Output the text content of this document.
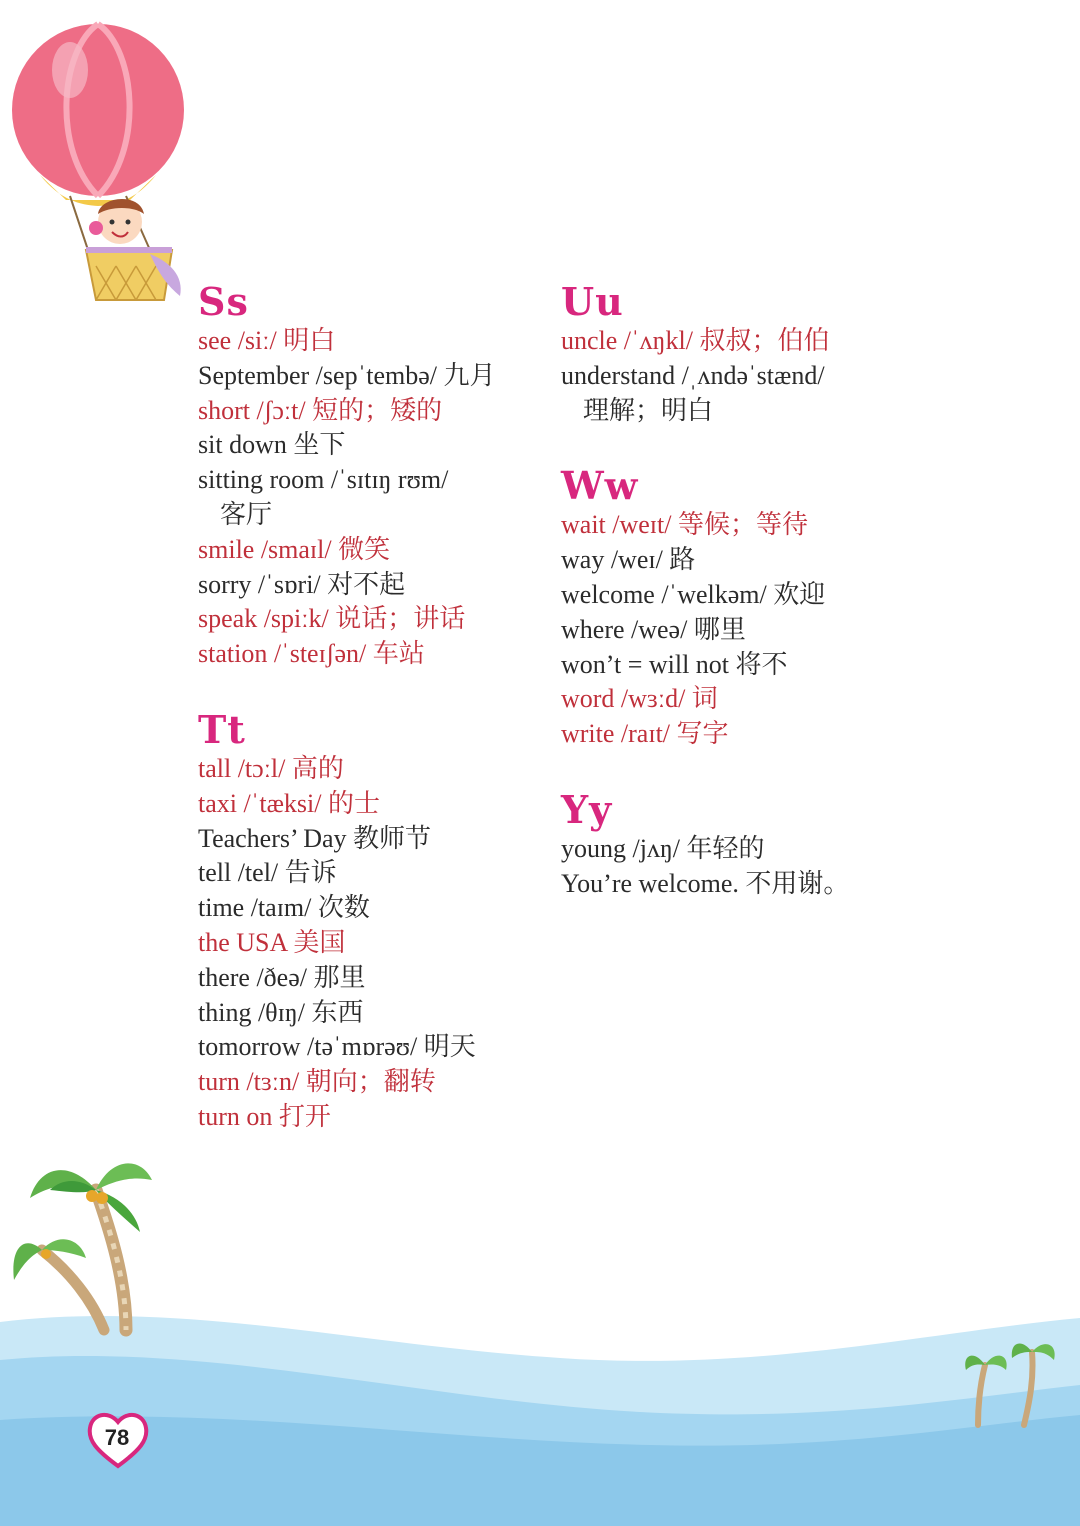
Ss
see /siː/ 明白
September /sepˈtembə/ 九月
short /ʃɔːt/ 短的；矮的
sit down 坐下
sitting room /ˈsɪtɪŋ rʊm/
客厅
smile /smaɪl/ 微笑
sorry /ˈsɒri/ 对不起
speak /spiːk/ 说话；讲话
station /ˈsteɪʃən/ 车站
Tt
tall /tɔːl/ 高的
taxi /ˈtæksi/ 的士
Teachers’ Day 教师节
tell /tel/ 告诉
time /taɪm/ 次数
the USA 美国
there /ðeə/ 那里
thing /θɪŋ/ 东西
tomorrow /təˈmɒrəʊ/ 明天
turn /tɜːn/ 朝向；翻转
turn on 打开
Uu
uncle /ˈʌŋkl/ 叔叔；伯伯
understand /ˌʌndəˈstænd/
理解；明白
Ww
wait /weɪt/ 等候；等待
way /weɪ/ 路
welcome /ˈwelkəm/ 欢迎
where /weə/ 哪里
won’t = will not 将不
word /wɜːd/ 词
write /raɪt/ 写字
Yy
young /jʌŋ/ 年轻的
You’re welcome. 不用谢。
78
